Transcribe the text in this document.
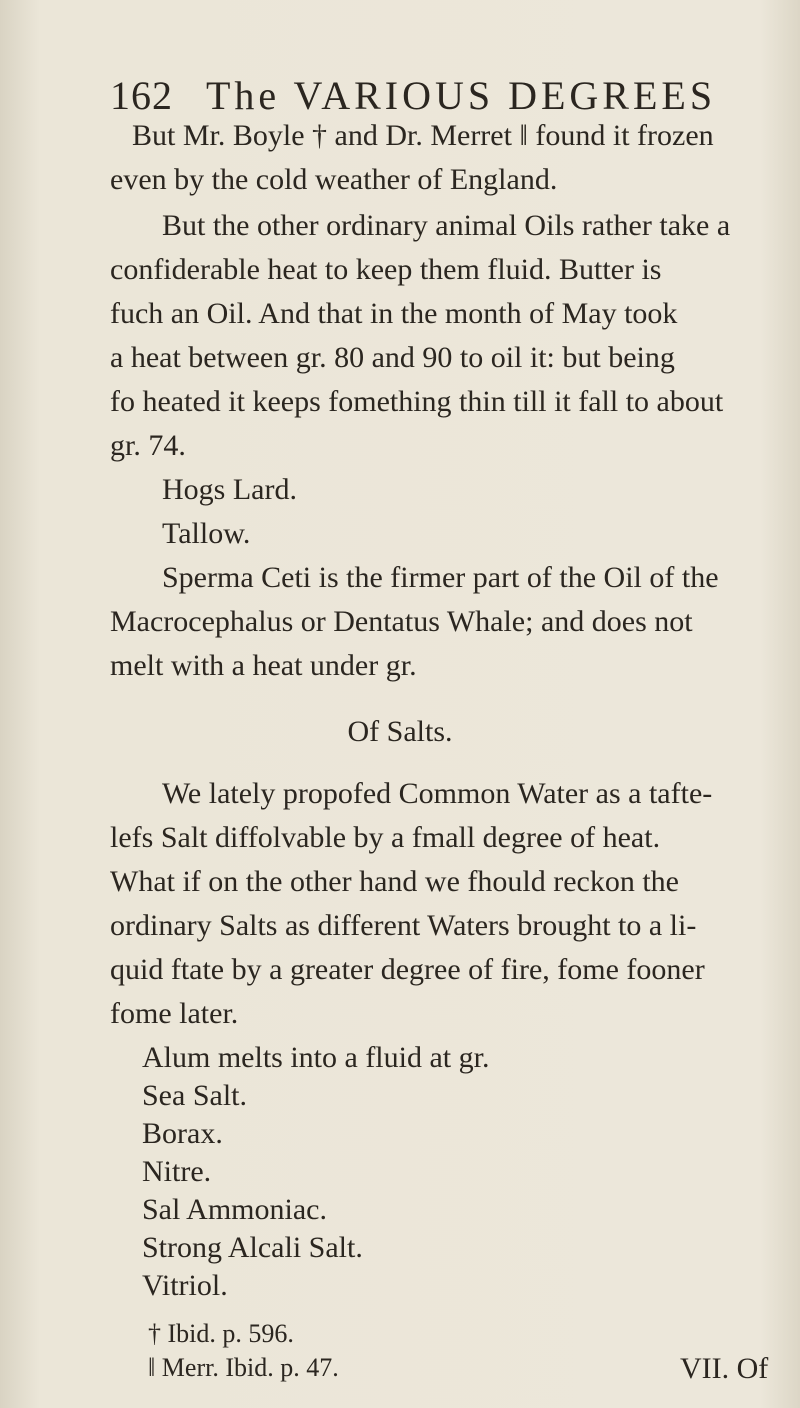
162 The VARIOUS DEGREES
But Mr. Boyle † and Dr. Merret ‖ found it frozen
even by the cold weather of England.
But the other ordinary animal Oils rather take a
confiderable heat to keep them fluid. Butter is
fuch an Oil. And that in the month of May took
a heat between gr. 80 and 90 to oil it: but being
fo heated it keeps fomething thin till it fall to about
gr. 74.
Hogs Lard.
Tallow.
Sperma Ceti is the firmer part of the Oil of the
Macrocephalus or Dentatus Whale; and does not
melt with a heat under gr.
Of Salts.
We lately propofed Common Water as a tafte-
lefs Salt diffolvable by a fmall degree of heat.
What if on the other hand we fhould reckon the
ordinary Salts as different Waters brought to a li-
quid ftate by a greater degree of fire, fome fooner
fome later.
Alum melts into a fluid at gr.
Sea Salt.
Borax.
Nitre.
Sal Ammoniac.
Strong Alcali Salt.
Vitriol.
† Ibid. p. 596.
‖ Merr. Ibid. p. 47.	VII. Of
